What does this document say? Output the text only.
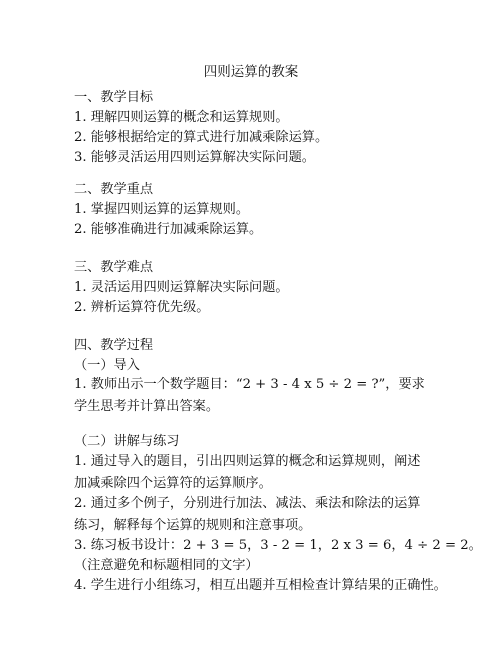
四则运算的教案
一、教学目标
1. 理解四则运算的概念和运算规则。
2. 能够根据给定的算式进行加减乘除运算。
3. 能够灵活运用四则运算解决实际问题。
二、教学重点
1. 掌握四则运算的运算规则。
2. 能够准确进行加减乘除运算。
三、教学难点
1. 灵活运用四则运算解决实际问题。
2. 辨析运算符优先级。
四、教学过程
（一）导入
1. 教师出示一个数学题目：“2 + 3 - 4 x 5 ÷ 2 = ?”，要求学生思考并计算出答案。
（二）讲解与练习
1. 通过导入的题目，引出四则运算的概念和运算规则，阐述加减乘除四个运算符的运算顺序。
2. 通过多个例子，分别进行加法、减法、乘法和除法的运算练习，解释每个运算的规则和注意事项。
3. 练习板书设计：2 + 3 = 5，3 - 2 = 1，2 x 3 = 6，4 ÷ 2 = 2。
（注意避免和标题相同的文字）
4. 学生进行小组练习，相互出题并互相检查计算结果的正确性。
